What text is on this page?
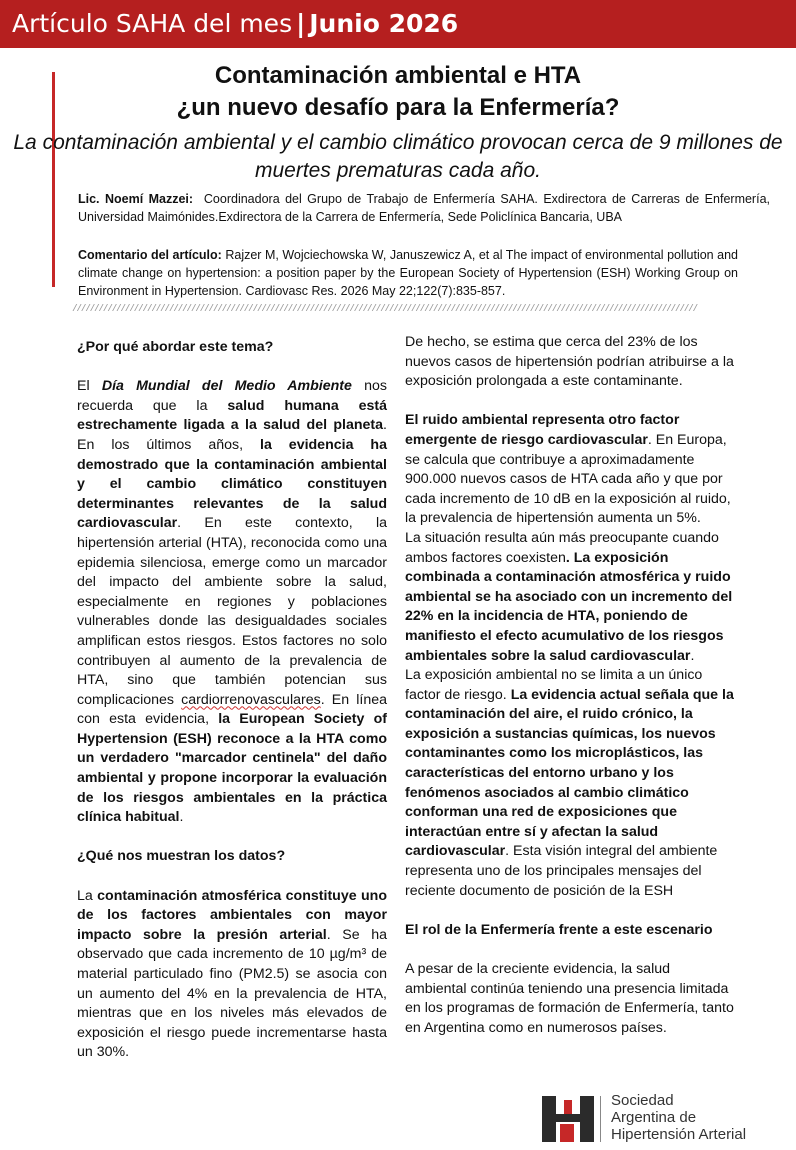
Artículo SAHA del mes | Junio 2026
Contaminación ambiental e HTA
¿un nuevo desafío para la Enfermería?
La contaminación ambiental y el cambio climático provocan cerca de 9 millones de muertes prematuras cada año.
Lic. Noemí Mazzei: Coordinadora del Grupo de Trabajo de Enfermería SAHA. Exdirectora de Carreras de Enfermería, Universidad Maimónides.Exdirectora de la Carrera de Enfermería, Sede Policlínica Bancaria, UBA
Comentario del artículo: Rajzer M, Wojciechowska W, Januszewicz A, et al The impact of environmental pollution and climate change on hypertension: a position paper by the European Society of Hypertension (ESH) Working Group on Environment in Hypertension. Cardiovasc Res. 2026 May 22;122(7):835-857.
//////////////////////////////////////////////////////////////////////////////////////////////////////////////////////////////////////////////

¿Por qué abordar este tema?

El Día Mundial del Medio Ambiente nos recuerda que la salud humana está estrechamente ligada a la salud del planeta. En los últimos años, la evidencia ha demostrado que la contaminación ambiental y el cambio climático constituyen determinantes relevantes de la salud cardiovascular. En este contexto, la hipertensión arterial (HTA), reconocida como una epidemia silenciosa, emerge como un marcador del impacto del ambiente sobre la salud, especialmente en regiones y poblaciones vulnerables donde las desigualdades sociales amplifican estos riesgos. Estos factores no solo contribuyen al aumento de la prevalencia de HTA, sino que también potencian sus complicaciones cardiorrenovasculares. En línea con esta evidencia, la European Society of Hypertension (ESH) reconoce a la HTA como un verdadero "marcador centinela" del daño ambiental y propone incorporar la evaluación de los riesgos ambientales en la práctica clínica habitual.

¿Qué nos muestran los datos?

La contaminación atmosférica constituye uno de los factores ambientales con mayor impacto sobre la presión arterial. Se ha observado que cada incremento de 10 µg/m³ de material particulado fino (PM2.5) se asocia con un aumento del 4% en la prevalencia de HTA, mientras que en los niveles más elevados de exposición el riesgo puede incrementarse hasta un 30%.

De hecho, se estima que cerca del 23% de los nuevos casos de hipertensión podrían atribuirse a la exposición prolongada a este contaminante.

El ruido ambiental representa otro factor emergente de riesgo cardiovascular. En Europa, se calcula que contribuye a aproximadamente 900.000 nuevos casos de HTA cada año y que por cada incremento de 10 dB en la exposición al ruido, la prevalencia de hipertensión aumenta un 5%.

La situación resulta aún más preocupante cuando ambos factores coexisten. La exposición combinada a contaminación atmosférica y ruido ambiental se ha asociado con un incremento del 22% en la incidencia de HTA, poniendo de manifiesto el efecto acumulativo de los riesgos ambientales sobre la salud cardiovascular.

La exposición ambiental no se limita a un único factor de riesgo. La evidencia actual señala que la contaminación del aire, el ruido crónico, la exposición a sustancias químicas, los nuevos contaminantes como los microplásticos, las características del entorno urbano y los fenómenos asociados al cambio climático conforman una red de exposiciones que interactúan entre sí y afectan la salud cardiovascular. Esta visión integral del ambiente representa uno de los principales mensajes del reciente documento de posición de la ESH

El rol de la Enfermería frente a este escenario

A pesar de la creciente evidencia, la salud ambiental continúa teniendo una presencia limitada en los programas de formación de Enfermería, tanto en Argentina como en numerosos países.

Sociedad
Argentina de
Hipertensión Arterial
